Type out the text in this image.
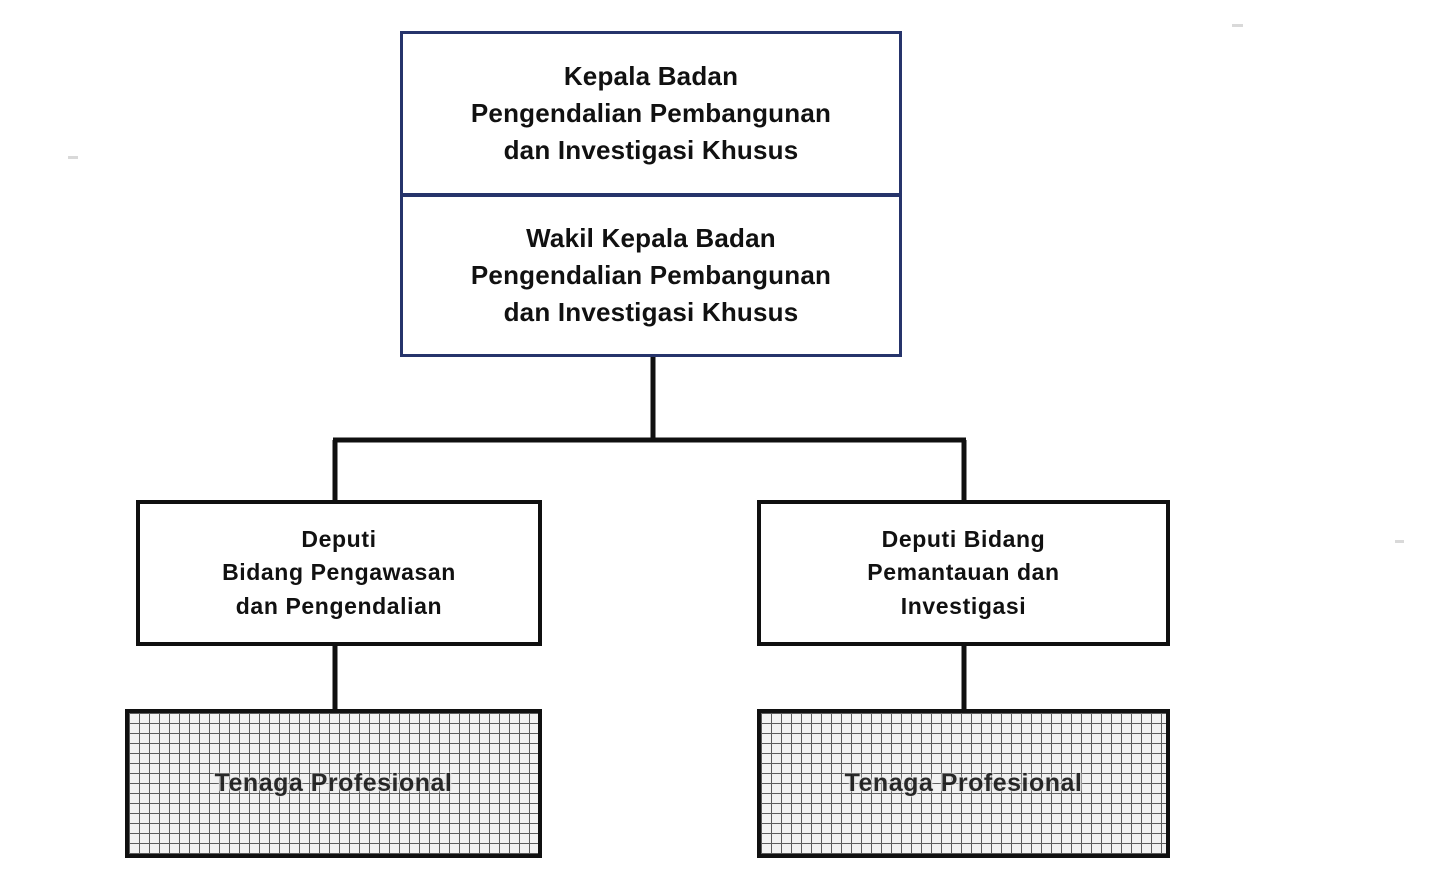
Kepala Badan
Pengendalian Pembangunan
dan Investigasi Khusus
Wakil Kepala Badan
Pengendalian Pembangunan
dan Investigasi Khusus
Deputi
Bidang Pengawasan
dan Pengendalian
Deputi Bidang
Pemantauan dan
Investigasi
Tenaga Profesional	Tenaga Profesional
